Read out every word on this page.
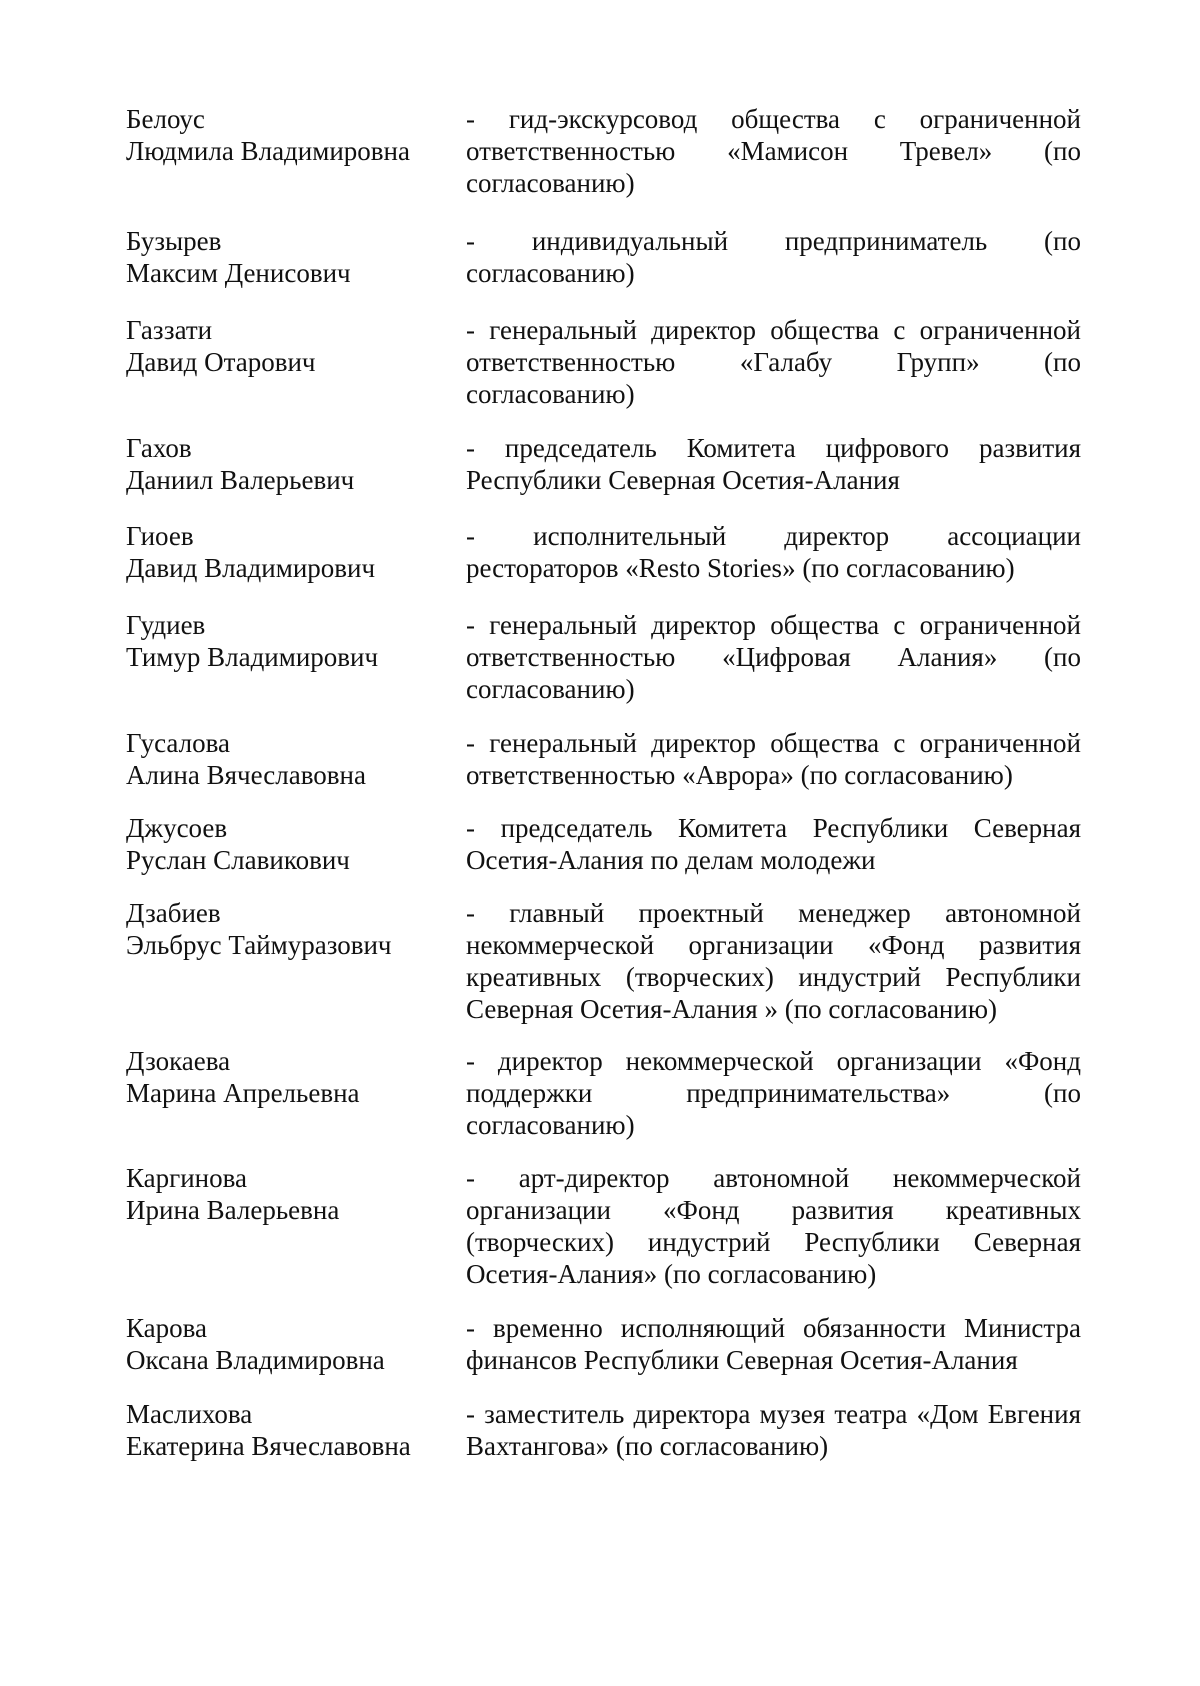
Белоус
Людмила Владимировна
- гид-экскурсовод общества с ограниченной ответственностью «Мамисон Тревел» (по согласованию)
Бузырев
Максим Денисович
- индивидуальный предприниматель (по согласованию)
Газзати
Давид Отарович
- генеральный директор общества с ограниченной ответственностью «Галабу Групп» (по согласованию)
Гахов
Даниил Валерьевич
- председатель Комитета цифрового развития Республики Северная Осетия-Алания
Гиоев
Давид Владимирович
- исполнительный директор ассоциации рестораторов «Resto Stories» (по согласованию)
Гудиев
Тимур Владимирович
- генеральный директор общества с ограниченной ответственностью «Цифровая Алания» (по согласованию)
Гусалова
Алина Вячеславовна
- генеральный директор общества с ограниченной ответственностью «Аврора» (по согласованию)
Джусоев
Руслан Славикович
- председатель Комитета Республики Северная Осетия-Алания по делам молодежи
Дзабиев
Эльбрус Таймуразович
- главный проектный менеджер автономной некоммерческой организации «Фонд развития креативных (творческих) индустрий Республики Северная Осетия-Алания » (по согласованию)
Дзокаева
Марина Апрельевна
- директор некоммерческой организации «Фонд поддержки предпринимательства» (по согласованию)
Каргинова
Ирина Валерьевна
- арт-директор автономной некоммерческой организации «Фонд развития креативных (творческих) индустрий Республики Северная Осетия-Алания» (по согласованию)
Карова
Оксана Владимировна
- временно исполняющий обязанности Министра финансов Республики Северная Осетия-Алания
Маслихова
Екатерина Вячеславовна
- заместитель директора музея театра «Дом Евгения Вахтангова» (по согласованию)
